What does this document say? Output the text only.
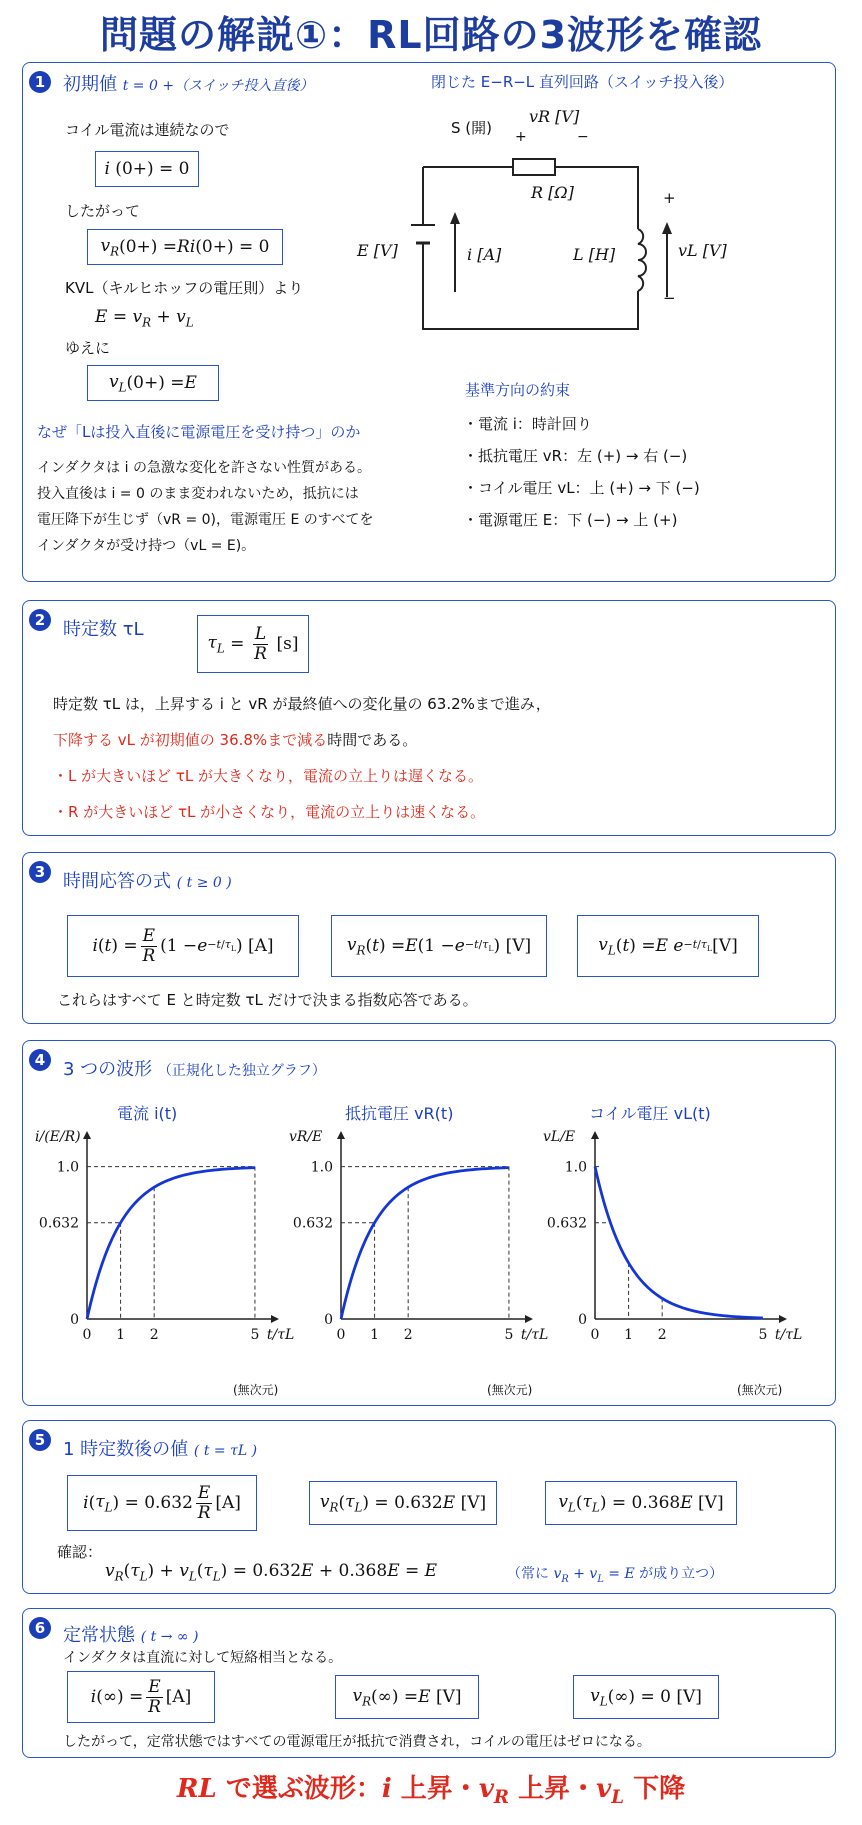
問題の解説①：RL回路の3波形を確認
1 初期値 t = 0 +（スイッチ投入直後）
コイル電流は連続なので
i (0+) = 0
したがって
$v_R$ (0+) = Ri (0+) = 0
KVL（キルヒホッフの電圧則）より
$E = v_R + v_L$
ゆえに
$v_L$ (0+) = E
なぜ「Lは投入直後に電源電圧を受け持つ」のか
インダクタは i の急激な変化を許さない性質がある。
投入直後は i = 0 のまま変われないため，抵抗には
電圧降下が生じず（vR = 0)，電源電圧 E のすべてを
インダクタが受け持つ（vL = E)。
閉じた E−R−L 直列回路（スイッチ投入後）
S (開)
vR [V]
+	−
R [Ω]
E [V]	i [A]	L [H]	vL [V]
+
−
基準方向の約束
・電流 i：時計回り
・抵抗電圧 vR：左 (+) → 右 (−)
・コイル電圧 vL：上 (+) → 下 (−)
・電源電圧 E：下 (−) → 上 (+)
2 時定数 τL
$\tau_L = \frac{L}{R} [s]$
時定数 τL は，上昇する i と vR が最終値への変化量の 63.2%まで進み，
下降する vL が初期値の 36.8%まで減る時間である。
・L が大きいほど τL が大きくなり，電流の立上りは遅くなる。
・R が大きいほど τL が小さくなり，電流の立上りは速くなる。
3 時間応答の式 ( t ≥ 0 )
i ( t ) = $\frac{E}{R} (1 - e -t/\tau_L$ ) [A]	$v_R$ ( t ) = E ($1 - e -t/\tau_L$ ) [V]	$v_L$ ( t ) = E $e -t/\tau_L$ [V]
これらはすべて E と時定数 τL だけで決まる指数応答である。
4 3 つの波形 （正規化した独立グラフ）
電流 i(t)	抵抗電圧 vR(t)	コイル電圧 vL(t)
i/(E/R)
0
0.632
1.0
0 1 2	5 t/τL
vR/E
0
0.632
1.0
0 1 2	5 t/τL
vL/E
0
0.632
1.0
0 1 2	5 t/τL
(無次元)	(無次元)	(無次元)
5 1 時定数後の値 ( t = τL )
i ( $\tau_L$ ) = $0.632 \frac{E}{R} [A]$	$v_R$ ( $\tau_L$ ) = 0.632 E [V]	$v_L$ ( $\tau_L$ ) = 0.368 E [V]
確認：
$v_R(\tau_L) + v_L(\tau_L) = 0.632E + 0.368E = E$	（常に $v_R + v_L = E$ が成り立つ）
6 定常状態 ( t → ∞ )
インダクタは直流に対して短絡相当となる。
i (∞) = $\frac{E}{R} [A]$	$v_R$ (∞) = E [V]	$v_L$ (∞) = 0 [V]
したがって，定常状態ではすべての電源電圧が抵抗で消費され，コイルの電圧はゼロになる。
RL で選ぶ波形：i 上昇・$v_R$ 上昇・$v_L$ 下降
